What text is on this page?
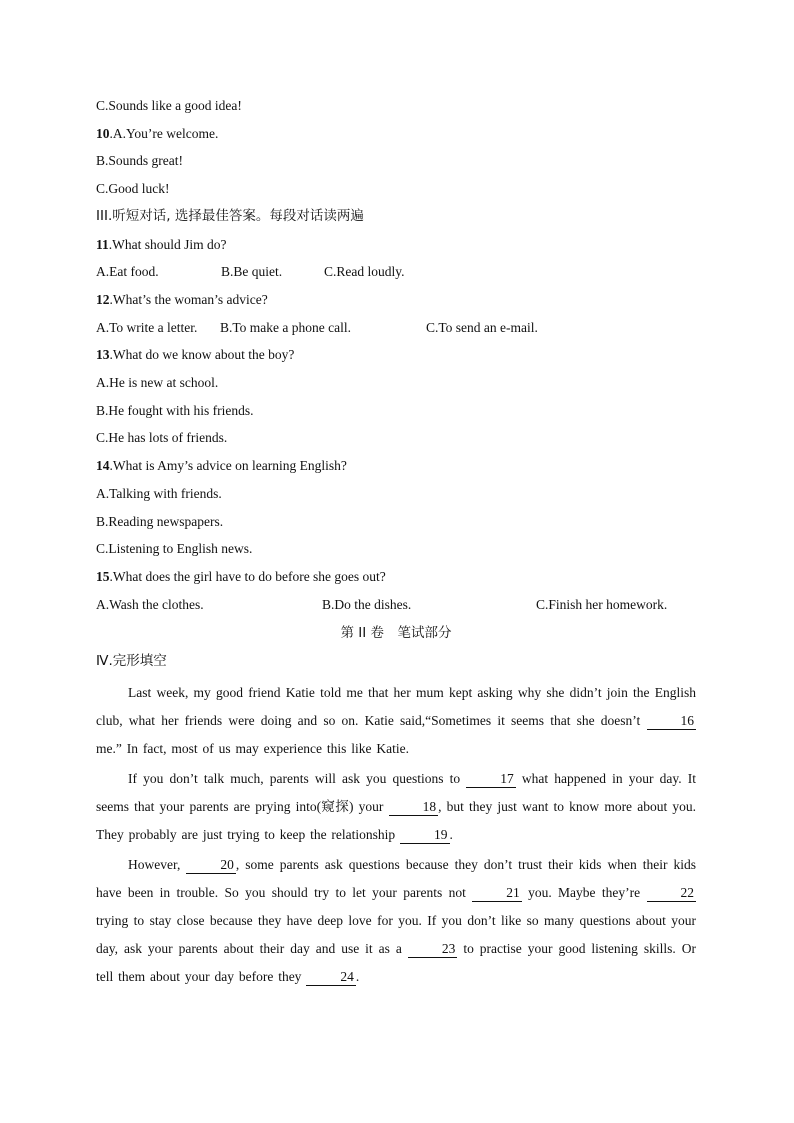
C.Sounds like a good idea!
10.A.You’re welcome.
B.Sounds great!
C.Good luck!
III.听短对话, 选择最佳答案。每段对话读两遍
11.What should Jim do?
A.Eat food.	B.Be quiet.	C.Read loudly.
12.What’s the woman’s advice?
A.To write a letter.	B.To make a phone call.	C.To send an e-mail.
13.What do we know about the boy?
A.He is new at school.
B.He fought with his friends.
C.He has lots of friends.
14.What is Amy’s advice on learning English?
A.Talking with friends.
B.Reading newspapers.
C.Listening to English news.
15.What does the girl have to do before she goes out?
A.Wash the clothes.	B.Do the dishes.	C.Finish her homework.
第 II 卷　笔试部分
Ⅳ.完形填空

Last week, my good friend Katie told me that her mum kept asking why she didn’t join the English club, what her friends were doing and so on. Katie said,“Sometimes it seems that she doesn’t	16 me.” In fact, most of us may experience this like Katie.

If you don’t talk much, parents will ask you questions to	17 what happened in your day. It seems that your parents are prying into(窥探) your	18 , but they just want to know more about you. They probably are just trying to keep the relationship	19 .

However,	20 , some parents ask questions because they don’t trust their kids when their kids have been in trouble. So you should try to let your parents not	21 you. Maybe they’re	22 trying to stay close because they have deep love for you. If you don’t like so many questions about your day, ask your parents about their day and use it as a	23 to practise your good listening skills. Or tell them about your day before they	24 .
